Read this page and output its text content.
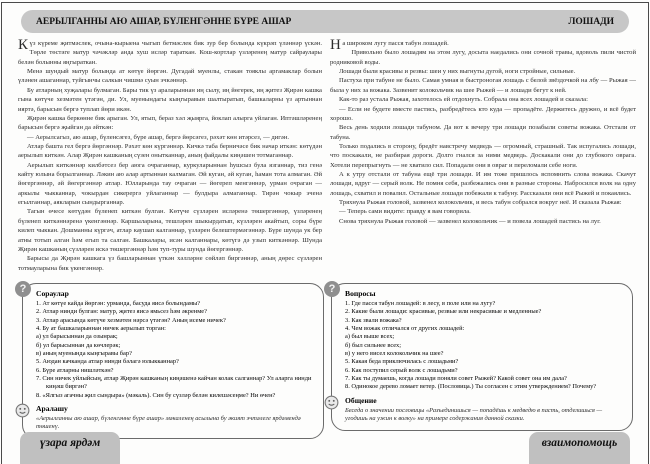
АЕРЫЛГАННЫ АЮ АШАР, БҮЛЕНГӘННЕ БҮРЕ АШАР	ЛОШАДИ

Күз күреме җитмәслек, очына-кырыена чыгып бетмәслек бик зур бер болында күкрәп үләннәр үскән. Төрле төстәге матур чәчәкләр анда хуш исләр тараткан. Кош-кортлар үзләренең матур сайраулары белән болынны яңгыраткан.

Менә шундый матур болында ат көтүе йөргән. Дугадай муенлы, стакан тояклы аргамаклар болын үләнен ашаганнар, туйгынчы салкын чишмә суын эчкәннәр.

Бу атларның хуҗалары булмаган. Бары тик үз араларыннан иң сылу, иң йөгерек, иң җитез Җирән кашка гына көтүче хезмәтен үтәгән, ди. Ул, муенындагы кыңгыравын шалтыратып, башкаларны үз артыннан ияртә, барысын бергә туплап йөри икән.

Җирән кашка беркөнне бик арыган. Ул, ятып, бераз хәл җыярга, йоклап алырга уйлаган. Иптәшләренең барысын бергә җыйган да әйткән:

— Аерылсагыз, аю ашар, бүленсәгез, бүре ашар, бергә йөрсәгез, рәхәт көн итәрсез, — дигән.

Атлар башта гел бергә йөргәннәр. Рәхәт көн күргәннәр. Кичкә таба берничәсе бик начар иткән: көтүдән аерылып киткән. Алар Җирән кашканың сүзен онытканнар, аның файдалы киңәшен тотмаганнар.

Аерылып киткәннәр килбәтсез бер аюга очраганнар, куркуларыннан һушсыз була язганнар, тиз генә кайту юлына борылганнар. Ләкин аю алар артыннан калмаган. Әй куган, әй куган, һаман тота алмаган. Әй йөгергәннәр, әй йөгергәннәр атлар. Юлларында тау очраган — йөгереп менгәннәр, урман очраган — аркылы чыкканнар, чокырдан сикерергә уйлаганнар — булдыра алмаганнар. Тирән чокыр эченә егылганнар, аякларын сындырганнар.

Тагын өчесе көтүдән бүленеп киткән булган. Көтүче сүзләрен исләренә төшергәннәр, үзләренең бүленеп киткәннәренә үкенгәннәр. Каршыларына, тешләрен шыкырдатып, күзләрен акайтып, соры бүре килеп чыккан. Дошманны күргәч, атлар каушап калганнар, үзләрен белештермәгәннәр. Бүре шунда ук бер атны тотып алган һәм егып та салган. Башкалары, исән калганнары, көтүгә дә узып киткәннәр. Шунда Җирән кашканың сүзләрен искә төшергәннәр һәм туп-туры шунда йөгергәннәр.

Барысы да Җирән кашкага үз башларыннан үткән хәлләрне сөйләп биргәннәр, аның дөрес сүзләрен тотмауларына бик үкенгәннәр.

На широком лугу пасся табун лошадей.

Привольно было лошадям на этом лугу, досыта наедались они сочной травы, вдоволь пили чистой родниковой воды.

Лошади были красивы и резвы: шеи у них выгнуты дугой, ноги стройные, сильные.

Пастуха при табуне не было. Самая умная и быстроногая лошадь с белой звёздочкой на лбу — Рыжая — была у них за вожака. Зазвенит колокольчик на шее Рыжей — и лошади бегут к ней.

Как-то раз устала Рыжая, захотелось ей отдохнуть. Собрала она всех лошадей и сказала:

— Если не будете вместе пастись, разбредётесь кто куда — пропадёте. Держитесь дружно, и всё будет хорошо.

Весь день ходили лошади табуном. Да вот к вечеру три лошади позабыли советы вожака. Отстали от табуна.

Только подались в сторону, бредёт навстречу медведь — огромный, страшный. Так испугались лошади, что поскакали, не разбирая дороги. Долго гнался за ними медведь. Доскакали они до глубокого оврага. Хотели перепрыгнуть — не хватило сил. Попадали они в овраг и переломали себе ноги.

А к утру отстали от табуна ещё три лошади. И им тоже пришлось вспомнить слова вожака. Скачут лошади, вдруг — серый волк. Не помня себя, разбежались они в разные стороны. Набросился волк на одну лошадь, схватил и повалил. Остальные лошади побежали к табуну. Рассказали они всё Рыжей и покаялись.

Тряхнула Рыжая головой, зазвенел колокольчик, и весь табун собрался вокруг неё. И сказала Рыжая:

— Теперь сами видите: правду я вам говорила.

Снова тряхнула Рыжая головой — зазвенел колокольчик — и повела лошадей пастись на луг.

?	Сораулар
1. Ат көтүе кайда йөргән: урманда, басуда яисә болындамы?
2. Атлар нинди булган: матур, җитез яисә ямьсез һәм әкренме?
3. Атлар арасында көтүче хезмәтен нәрсә үтәгән? Аның исеме ничек?
4. Бу ат башкаларыннан ничек аерылып торган:
а) ул барысыннан да озынрак;
б) ул барысыннан да көчлерәк;
в) аның муенында кыңгыравы бар?
5. Аюдан качканда атлар нинди бәлагә юлыкканнар?
6. Бүре атларны нишләткән?
7. Син ничек уйлыйсың, атлар Җирән кашканың киңәшенә кайчан колак салганнар? Ул аларга нинди киңәш биргән?
8. «Ялгыз агачны җил сындыра» (мәкаль). Син бу сүзләр белән килешәсеңме? Ни өчен?
Аралашу
«Аерылганны аю ашар, бүленгәнне бүре ашар» мәкаленең асылына бу әкият эчтәлеге ярдәмендә төшенү.
?	Вопросы
1. Где пасся табун лошадей: в лесу, в поле или на лугу?
2. Какие были лошади: красивые, резвые или некрасивые и медленные?
3. Как звали вожака?
4. Чем вожак отличался от других лошадей:
а) был выше всех;
б) был сильнее всех;
в) у него висел колокольчик на шее?
5. Какая беда приключилась с лошадьми?
6. Как поступил серый волк с лошадьми?
7. Как ты думаешь, когда лошади поняли совет Рыжей? Какой совет она им дала?
8. Одинокое дерево ломает ветер. (Пословица.) Ты согласен с этим утверждением? Почему?
Общение
Беседа о значении пословицы «Разъединишься — попадёшь к медведю в пасть, отделишься — угодишь на ужин к волку» на примере содержания данной сказки.
үзара ярдәм	взаимопомощь
